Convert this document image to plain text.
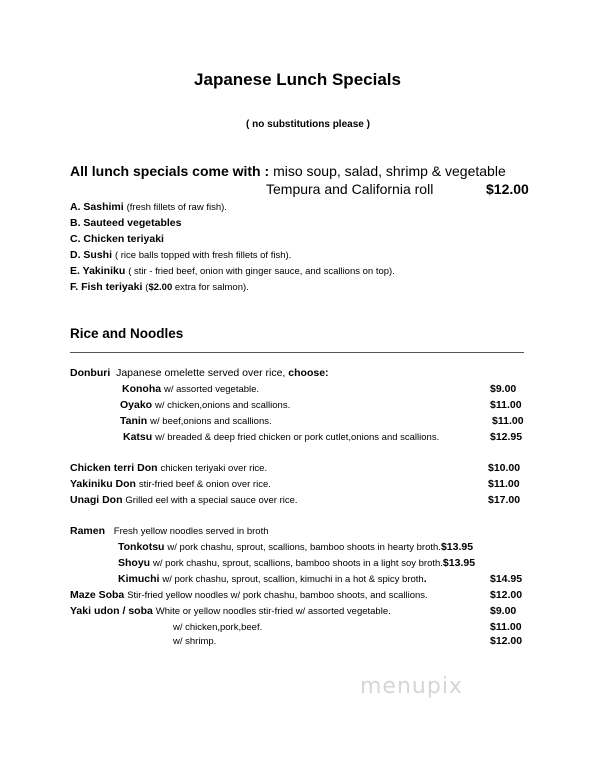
Japanese Lunch Specials
( no substitutions please )
All lunch specials come with : miso soup, salad, shrimp & vegetable
Tempura and California roll	$12.00
A. Sashimi (fresh fillets of raw fish).
B. Sauteed vegetables
C. Chicken teriyaki
D. Sushi ( rice balls topped with fresh fillets of fish).
E. Yakiniku ( stir - fried beef, onion with ginger sauce, and scallions on top).
F. Fish teriyaki ($2.00 extra for salmon).
Rice and Noodles
Donburi Japanese omelette served over rice, choose:
Konoha w/ assorted vegetable.	$9.00
Oyako w/ chicken,onions and scallions.	$11.00
Tanin w/ beef,onions and scallions.	$11.00
Katsu w/ breaded & deep fried chicken or pork cutlet,onions and scallions.	$12.95
Chicken terri Don chicken teriyaki over rice.	$10.00
Yakiniku Don stir-fried beef & onion over rice.	$11.00
Unagi Don Grilled eel with a special sauce over rice.	$17.00
Ramen Fresh yellow noodles served in broth
Tonkotsu w/ pork chashu, sprout, scallions, bamboo shoots in hearty broth.$13.95
Shoyu w/ pork chashu, sprout, scallions, bamboo shoots in a light soy broth.$13.95
Kimuchi w/ pork chashu, sprout, scallion, kimuchi in a hot & spicy broth.	$14.95
Maze Soba Stir-fried yellow noodles w/ pork chashu, bamboo shoots, and scallions.	$12.00
Yaki udon / soba White or yellow noodles stir-fried w/ assorted vegetable.	$9.00
w/ chicken,pork,beef.	$11.00
w/ shrimp.	$12.00
menupix
